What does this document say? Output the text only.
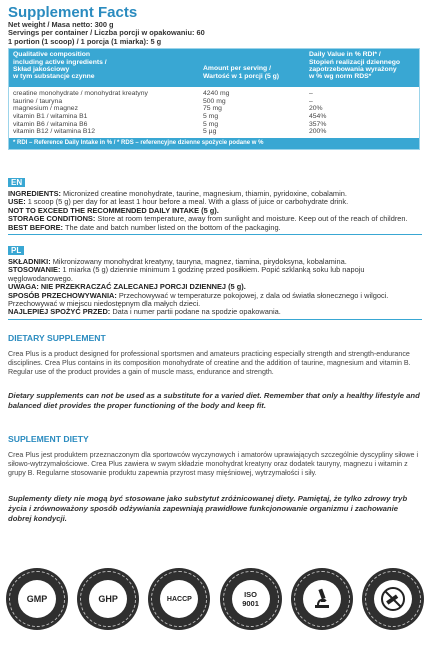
Supplement Facts
Net weight / Masa netto: 300 g
Servings per container / Liczba porcji w opakowaniu: 60
1 portion (1 scoop) / 1 porcja (1 miarka): 5 g
Qualitative composition
including active ingredients /
Skład jakościowy
w tym substancje czynne
Amount per serving /
Wartość w 1 porcji (5 g)
Daily Value in % RDI* /
Stopień realizacji dziennego
zapotrzebowania wyrażony
w % wg norm RDS*
creatine monohydrate / monohydrat kreatyny	4240 mg	–
taurine / tauryna	500 mg	–
magnesium / magnez	75 mg	20%
vitamin B1 / witamina B1	5 mg	454%
vitamin B6 / witamina B6	5 mg	357%
vitamin B12 / witamina B12	5 µg	200%
* RDI – Reference Daily Intake in % / * RDS – referencyjne dzienne spożycie podane w %
EN

INGREDIENTS: Micronized creatine monohydrate, taurine, magnesium, thiamin, pyridoxine, cobalamin.

USE: 1 scoop (5 g) per day for at least 1 hour before a meal. With a glass of juice or carbohydrate drink.

NOT TO EXCEED THE RECOMMENDED DAILY INTAKE (5 g).

STORAGE CONDITIONS: Store at room temperature, away from sunlight and moisture. Keep out of the reach of children.

BEST BEFORE: The date and batch number listed on the bottom of the packaging.

PL

SKŁADNIKI: Mikronizowany monohydrat kreatyny, tauryna, magnez, tiamina, pirydoksyna, kobalamina.

STOSOWANIE: 1 miarka (5 g) dziennie minimum 1 godzinę przed posiłkiem. Popić szklanką soku lub napoju węglowodanowego.

UWAGA: NIE PRZEKRACZAĆ ZALECANEJ PORCJI DZIENNEJ (5 g).

SPOSÓB PRZECHOWYWANIA: Przechowywać w temperaturze pokojowej, z dala od światła słonecznego i wilgoci. Przechowywać w miejscu niedostępnym dla małych dzieci.

NAJLEPIEJ SPOŻYĆ PRZED: Data i numer partii podane na spodzie opakowania.

DIETARY SUPPLEMENT
Crea Plus is a product designed for professional sportsmen and amateurs practicing especially strength and strength-endurance disciplines. Crea Plus contains in its composition monohydrate of creatine and the addition of taurine, magnesium and vitamin B. Regular use of the product provides a gain of muscle mass, endurance and strength.
Dietary supplements can not be used as a substitute for a varied diet. Remember that only a healthy lifestyle and balanced diet provides the proper functioning of the body and keep fit.
SUPLEMENT DIETY
Crea Plus jest produktem przeznaczonym dla sportowców wyczynowych i amatorów uprawiających szczególnie dyscypliny siłowe i siłowo-wytrzymałościowe. Crea Plus zawiera w swym składzie monohydrat kreatyny oraz dodatek tauryny, magnezu i witamin z grupy B. Regularne stosowanie produktu zapewnia przyrost masy mięśniowej, wytrzymałości i siły.
Suplementy diety nie mogą być stosowane jako substytut zróżnicowanej diety. Pamiętaj, że tylko zdrowy tryb życia i zrównoważony sposób odżywiania zapewniają prawidłowe funkcjonowanie organizmu i zachowanie dobrej kondycji.
GMP	GHP	HACCP	ISO 9001
